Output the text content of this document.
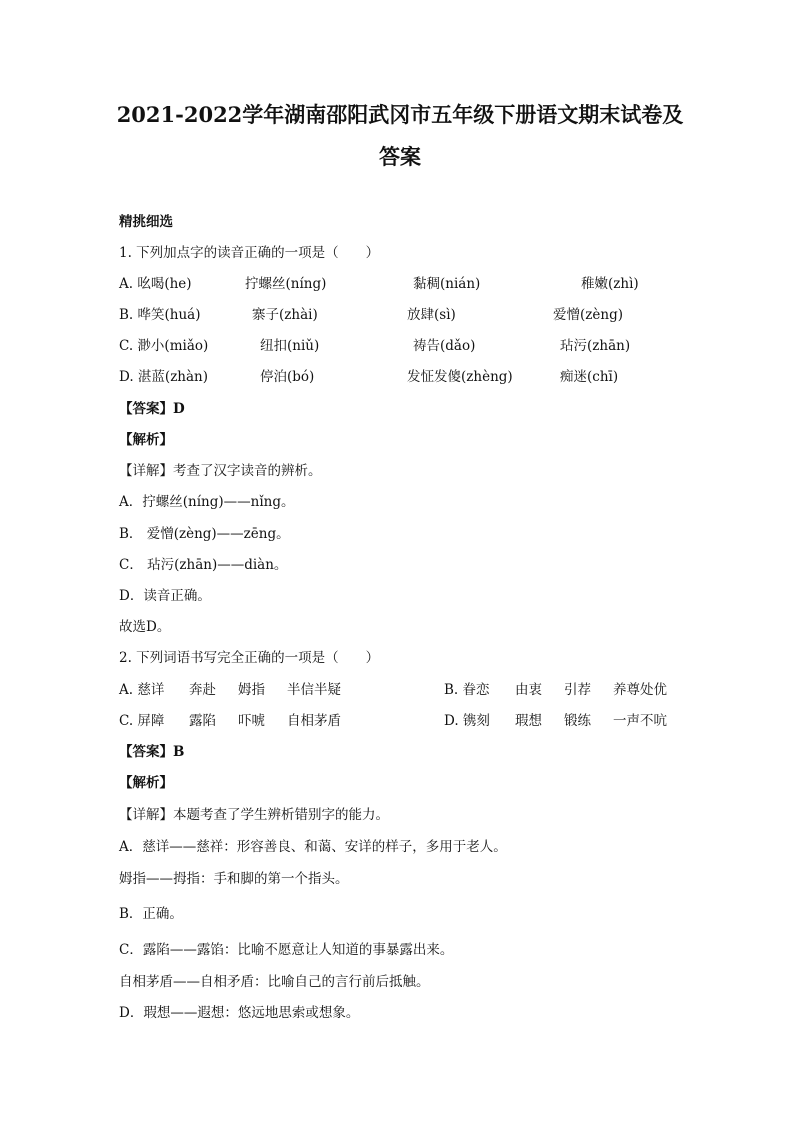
2021-2022学年湖南邵阳武冈市五年级下册语文期末试卷及
答案
精挑细选
1. 下列加点字的读音正确的一项是（　　）
A. 吆喝(he)	拧螺丝(níng)	黏稠(nián)	稚嫩(zhì)
B. 哗笑(huá)	寨子(zhài)	放肆(sì)	爱憎(zèng)
C. 渺小(miǎo)	纽扣(niǔ)	祷告(dǎo)	玷污(zhān)
D. 湛蓝(zhàn)	停泊(bó)	发怔发傻(zhèng)	痴迷(chī)
【答案】D
【解析】
【详解】考查了汉字读音的辨析。
A．拧螺丝(níng)——nǐng。
B． 爱憎(zèng)——zēng。
C． 玷污(zhān)——diàn。
D．读音正确。
故选D。
2. 下列词语书写完全正确的一项是（　　）
A. 慈详 奔赴 姆指 半信半疑	B. 眷恋 由衷 引荐 养尊处优
C. 屏障 露陷 吓唬 自相茅盾	D. 镌刻 瑕想 锻练 一声不吭
【答案】B
【解析】
【详解】本题考查了学生辨析错别字的能力。
A．慈详——慈祥：形容善良、和蔼、安详的样子，多用于老人。
姆指——拇指：手和脚的第一个指头。
B．正确。
C．露陷——露馅：比喻不愿意让人知道的事暴露出来。
自相茅盾——自相矛盾：比喻自己的言行前后抵触。
D．瑕想——遐想：悠远地思索或想象。
